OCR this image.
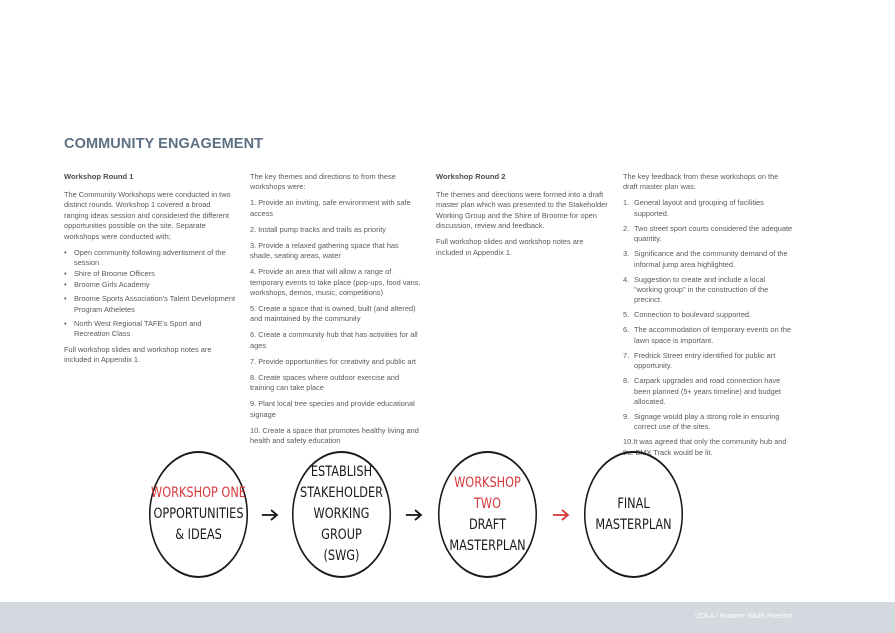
COMMUNITY ENGAGEMENT
Workshop Round 1

The Community Workshops were conducted in two distinct rounds. Workshop 1 covered a broad ranging ideas session and considered the different opportunities possible on the site. Separate workshops were conducted with;

• Open community following advertisment of the session
• Shire of Broome Officers
• Broome Girls Academy
• Broome Sports Association's Talent Development Program Atheletes
• North West Regional TAFE's Sport and Recreation Class

Full workshop slides and workshop notes are included in Appendix 1.

The key themes and directions to from these workshops were:

1. Provide an inviting, safe environment with safe access
2. Install pump tracks and trails as priority
3. Provide a relaxed gathering space that has shade, seating areas, water
4. Provide an area that will allow a range of temporary events to take place (pop-ups, food vans, workshops, demos, music, competitions)
5. Create a space that is owned, built (and altered) and maintained by the community
6. Create a community hub that has activities for all ages
7. Provide opportunities for creativity and public art
8. Create spaces where outdoor exercise and training can take place
9. Plant local tree species and provide educational signage
10. Create a space that promotes healthy living and health and safety education
Workshop Round 2

The themes and directions were formed into a draft master plan which was presented to the Stakeholder Working Group and the Shire of Broome for open discussion, review and feedback.

Full workshop slides and workshop notes are included in Appendix 1.

The key feedback from these workshops on the draft master plan was:

1. General layout and grouping of facilities supported.
2. Two street sport courts considered the adequate quantity.
3. Significance and the community demand of the informal jump area highlighted.
4. Suggestion to create and include a local "working group" in the construction of the precinct.
5. Connection to boulevard supported.
6. The accommodation of temporary events on the lawn space is important.
7. Fredrick Street entry identified for public art opportunity.
8. Carpark upgrades and road connection have been planned (5+ years timeline) and budget allocated.
9. Signage would play a strong role in ensuring correct use of the sites.
10.It was agreed that only the community hub and the BMX Track would be lit.
WORKSHOP ONE
OPPORTUNITIES
& IDEAS
ESTABLISH
STAKEHOLDER
WORKING GROUP
(SWG)
WORKSHOP TWO
DRAFT
MASTERPLAN
FINAL
MASTERPLAN
UDLA / Broome Youth Precinct
